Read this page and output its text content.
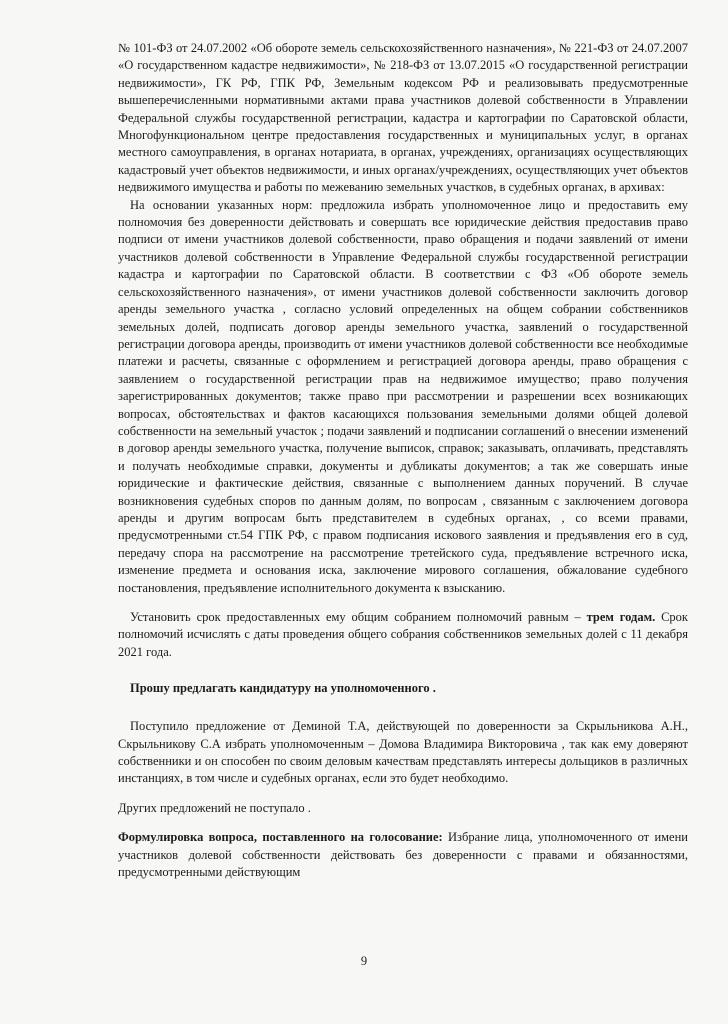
№ 101-ФЗ от 24.07.2002 «Об обороте земель сельскохозяйственного назначения», № 221-ФЗ от 24.07.2007 «О государственном кадастре недвижимости», № 218-ФЗ от 13.07.2015 «О государственной регистрации недвижимости», ГК РФ, ГПК РФ, Земельным кодексом РФ и реализовывать предусмотренные вышеперечисленными нормативными актами права участников долевой собственности в Управлении Федеральной службы государственной регистрации, кадастра и картографии по Саратовской области, Многофункциональном центре предоставления государственных и муниципальных услуг, в органах местного самоуправления, в органах нотариата, в органах, учреждениях, организациях осуществляющих кадастровый учет объектов недвижимости, и иных органах/учреждениях, осуществляющих учет объектов недвижимого имущества и работы по межеванию земельных участков, в судебных органах, в архивах:

На основании указанных норм: предложила избрать уполномоченное лицо и предоставить ему полномочия без доверенности действовать и совершать все юридические действия предоставив право подписи от имени участников долевой собственности, право обращения и подачи заявлений от имени участников долевой собственности в Управление Федеральной службы государственной регистрации кадастра и картографии по Саратовской области. В соответствии с ФЗ «Об обороте земель сельскохозяйственного назначения», от имени участников долевой собственности заключить договор аренды земельного участка , согласно условий определенных на общем собрании собственников земельных долей, подписать договор аренды земельного участка, заявлений о государственной регистрации договора аренды, производить от имени участников долевой собственности все необходимые платежи и расчеты, связанные с оформлением и регистрацией договора аренды, право обращения с заявлением о государственной регистрации прав на недвижимое имущество; право получения зарегистрированных документов; также право при рассмотрении и разрешении всех возникающих вопросах, обстоятельствах и фактов касающихся пользования земельными долями общей долевой собственности на земельный участок ; подачи заявлений и подписании соглашений о внесении изменений в договор аренды земельного участка, получение выписок, справок; заказывать, оплачивать, представлять и получать необходимые справки, документы и дубликаты документов; а так же совершать иные юридические и фактические действия, связанные с выполнением данных поручений. В случае возникновения судебных споров по данным долям, по вопросам , связанным с заключением договора аренды и другим вопросам быть представителем в судебных органах, , со всеми правами, предусмотренными ст.54 ГПК РФ, с правом подписания искового заявления и предъявления его в суд, передачу спора на рассмотрение на рассмотрение третейского суда, предъявление встречного иска, изменение предмета и основания иска, заключение мирового соглашения, обжалование судебного постановления, предъявление исполнительного документа к взысканию.

Установить срок предоставленных ему общим собранием полномочий равным – трем годам. Срок полномочий исчислять с даты проведения общего собрания собственников земельных долей с 11 декабря 2021 года.

Прошу предлагать кандидатуру на уполномоченного .

Поступило предложение от Деминой Т.А, действующей по доверенности за Скрыльникова А.Н., Скрыльникову С.А избрать уполномоченным – Домова Владимира Викторовича , так как ему доверяют собственники и он способен по своим деловым качествам представлять интересы дольщиков в различных инстанциях, в том числе и судебных органах, если это будет необходимо.

Других предложений не поступало .

Формулировка вопроса, поставленного на голосование: Избрание лица, уполномоченного от имени участников долевой собственности действовать без доверенности с правами и обязанностями, предусмотренными действующим

9
